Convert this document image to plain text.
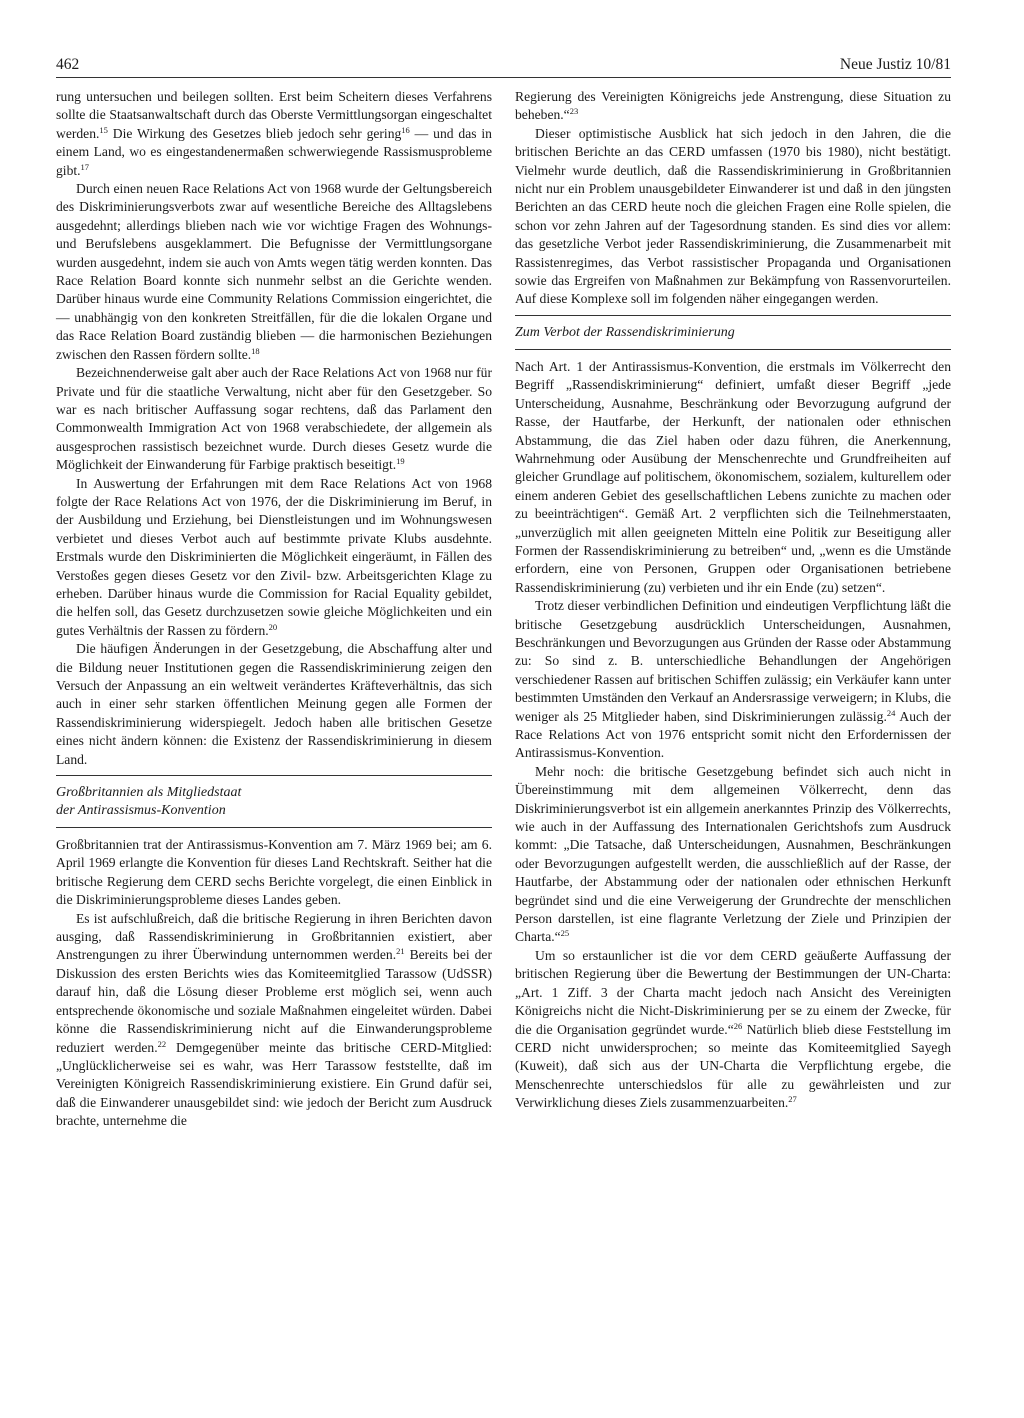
462	Neue Justiz 10/81

rung untersuchen und beilegen sollten. Erst beim Scheitern dieses Verfahrens sollte die Staatsanwaltschaft durch das Oberste Vermittlungsorgan eingeschaltet werden.$^{15}$ Die Wirkung des Gesetzes blieb jedoch sehr gering$^{16}$ — und das in einem Land, wo es eingestandenermaßen schwerwiegende Rassismusprobleme gibt.$^{17}$

Durch einen neuen Race Relations Act von 1968 wurde der Geltungsbereich des Diskriminierungsverbots zwar auf wesentliche Bereiche des Alltagslebens ausgedehnt; allerdings blieben nach wie vor wichtige Fragen des Wohnungs- und Berufslebens ausgeklammert. Die Befugnisse der Vermittlungsorgane wurden ausgedehnt, indem sie auch von Amts wegen tätig werden konnten. Das Race Relation Board konnte sich nunmehr selbst an die Gerichte wenden. Darüber hinaus wurde eine Community Relations Commission eingerichtet, die — unabhängig von den konkreten Streitfällen, für die die lokalen Organe und das Race Relation Board zuständig blieben — die harmonischen Beziehungen zwischen den Rassen fördern sollte.$^{18}$

Bezeichnenderweise galt aber auch der Race Relations Act von 1968 nur für Private und für die staatliche Verwaltung, nicht aber für den Gesetzgeber. So war es nach britischer Auffassung sogar rechtens, daß das Parlament den Commonwealth Immigration Act von 1968 verabschiedete, der allgemein als ausgesprochen rassistisch bezeichnet wurde. Durch dieses Gesetz wurde die Möglichkeit der Einwanderung für Farbige praktisch beseitigt.$^{19}$

In Auswertung der Erfahrungen mit dem Race Relations Act von 1968 folgte der Race Relations Act von 1976, der die Diskriminierung im Beruf, in der Ausbildung und Erziehung, bei Dienstleistungen und im Wohnungswesen verbietet und dieses Verbot auch auf bestimmte private Klubs ausdehnte. Erstmals wurde den Diskriminierten die Möglichkeit eingeräumt, in Fällen des Verstoßes gegen dieses Gesetz vor den Zivil- bzw. Arbeitsgerichten Klage zu erheben. Darüber hinaus wurde die Commission for Racial Equality gebildet, die helfen soll, das Gesetz durchzusetzen sowie gleiche Möglichkeiten und ein gutes Verhältnis der Rassen zu fördern.$^{20}$

Die häufigen Änderungen in der Gesetzgebung, die Abschaffung alter und die Bildung neuer Institutionen gegen die Rassendiskriminierung zeigen den Versuch der Anpassung an ein weltweit verändertes Kräfteverhältnis, das sich auch in einer sehr starken öffentlichen Meinung gegen alle Formen der Rassendiskriminierung widerspiegelt. Jedoch haben alle britischen Gesetze eines nicht ändern können: die Existenz der Rassendiskriminierung in diesem Land.

Großbritannien als Mitgliedstaat
der Antirassismus-Konvention

Großbritannien trat der Antirassismus-Konvention am 7. März 1969 bei; am 6. April 1969 erlangte die Konvention für dieses Land Rechtskraft. Seither hat die britische Regierung dem CERD sechs Berichte vorgelegt, die einen Einblick in die Diskriminierungsprobleme dieses Landes geben.

Es ist aufschlußreich, daß die britische Regierung in ihren Berichten davon ausging, daß Rassendiskriminierung in Großbritannien existiert, aber Anstrengungen zu ihrer Überwindung unternommen werden.$^{21}$ Bereits bei der Diskussion des ersten Berichts wies das Komiteemitglied Tarassow (UdSSR) darauf hin, daß die Lösung dieser Probleme erst möglich sei, wenn auch entsprechende ökonomische und soziale Maßnahmen eingeleitet würden. Dabei könne die Rassendiskriminierung nicht auf die Einwanderungsprobleme reduziert werden.$^{22}$ Demgegenüber meinte das britische CERD-Mitglied: „Unglücklicherweise sei es wahr, was Herr Tarassow feststellte, daß im Vereinigten Königreich Rassendiskriminierung existiere. Ein Grund dafür sei, daß die Einwanderer unausgebildet sind: wie jedoch der Bericht zum Ausdruck brachte, unternehme die

Regierung des Vereinigten Königreichs jede Anstrengung, diese Situation zu beheben.“$^{23}$

Dieser optimistische Ausblick hat sich jedoch in den Jahren, die die britischen Berichte an das CERD umfassen (1970 bis 1980), nicht bestätigt. Vielmehr wurde deutlich, daß die Rassendiskriminierung in Großbritannien nicht nur ein Problem unausgebildeter Einwanderer ist und daß in den jüngsten Berichten an das CERD heute noch die gleichen Fragen eine Rolle spielen, die schon vor zehn Jahren auf der Tagesordnung standen. Es sind dies vor allem: das gesetzliche Verbot jeder Rassendiskriminierung, die Zusammenarbeit mit Rassistenregimes, das Verbot rassistischer Propaganda und Organisationen sowie das Ergreifen von Maßnahmen zur Bekämpfung von Rassenvorurteilen. Auf diese Komplexe soll im folgenden näher eingegangen werden.

Zum Verbot der Rassendiskriminierung

Nach Art. 1 der Antirassismus-Konvention, die erstmals im Völkerrecht den Begriff „Rassendiskriminierung“ definiert, umfaßt dieser Begriff „jede Unterscheidung, Ausnahme, Beschränkung oder Bevorzugung aufgrund der Rasse, der Hautfarbe, der Herkunft, der nationalen oder ethnischen Abstammung, die das Ziel haben oder dazu führen, die Anerkennung, Wahrnehmung oder Ausübung der Menschenrechte und Grundfreiheiten auf gleicher Grundlage auf politischem, ökonomischem, sozialem, kulturellem oder einem anderen Gebiet des gesellschaftlichen Lebens zunichte zu machen oder zu beeinträchtigen“. Gemäß Art. 2 verpflichten sich die Teilnehmerstaaten, „unverzüglich mit allen geeigneten Mitteln eine Politik zur Beseitigung aller Formen der Rassendiskriminierung zu betreiben“ und, „wenn es die Umstände erfordern, eine von Personen, Gruppen oder Organisationen betriebene Rassendiskriminierung (zu) verbieten und ihr ein Ende (zu) setzen“.

Trotz dieser verbindlichen Definition und eindeutigen Verpflichtung läßt die britische Gesetzgebung ausdrücklich Unterscheidungen, Ausnahmen, Beschränkungen und Bevorzugungen aus Gründen der Rasse oder Abstammung zu: So sind z. B. unterschiedliche Behandlungen der Angehörigen verschiedener Rassen auf britischen Schiffen zulässig; ein Verkäufer kann unter bestimmten Umständen den Verkauf an Andersrassige verweigern; in Klubs, die weniger als 25 Mitglieder haben, sind Diskriminierungen zulässig.$^{24}$ Auch der Race Relations Act von 1976 entspricht somit nicht den Erfordernissen der Antirassismus-Konvention.

Mehr noch: die britische Gesetzgebung befindet sich auch nicht in Übereinstimmung mit dem allgemeinen Völkerrecht, denn das Diskriminierungsverbot ist ein allgemein anerkanntes Prinzip des Völkerrechts, wie auch in der Auffassung des Internationalen Gerichtshofs zum Ausdruck kommt: „Die Tatsache, daß Unterscheidungen, Ausnahmen, Beschränkungen oder Bevorzugungen aufgestellt werden, die ausschließlich auf der Rasse, der Hautfarbe, der Abstammung oder der nationalen oder ethnischen Herkunft begründet sind und die eine Verweigerung der Grundrechte der menschlichen Person darstellen, ist eine flagrante Verletzung der Ziele und Prinzipien der Charta.“$^{25}$

Um so erstaunlicher ist die vor dem CERD geäußerte Auffassung der britischen Regierung über die Bewertung der Bestimmungen der UN-Charta: „Art. 1 Ziff. 3 der Charta macht jedoch nach Ansicht des Vereinigten Königreichs nicht die Nicht-Diskriminierung per se zu einem der Zwecke, für die die Organisation gegründet wurde.“$^{26}$ Natürlich blieb diese Feststellung im CERD nicht unwidersprochen; so meinte das Komiteemitglied Sayegh (Kuweit), daß sich aus der UN-Charta die Verpflichtung ergebe, die Menschenrechte unterschiedslos für alle zu gewährleisten und zur Verwirklichung dieses Ziels zusammenzuarbeiten.$^{27}$
